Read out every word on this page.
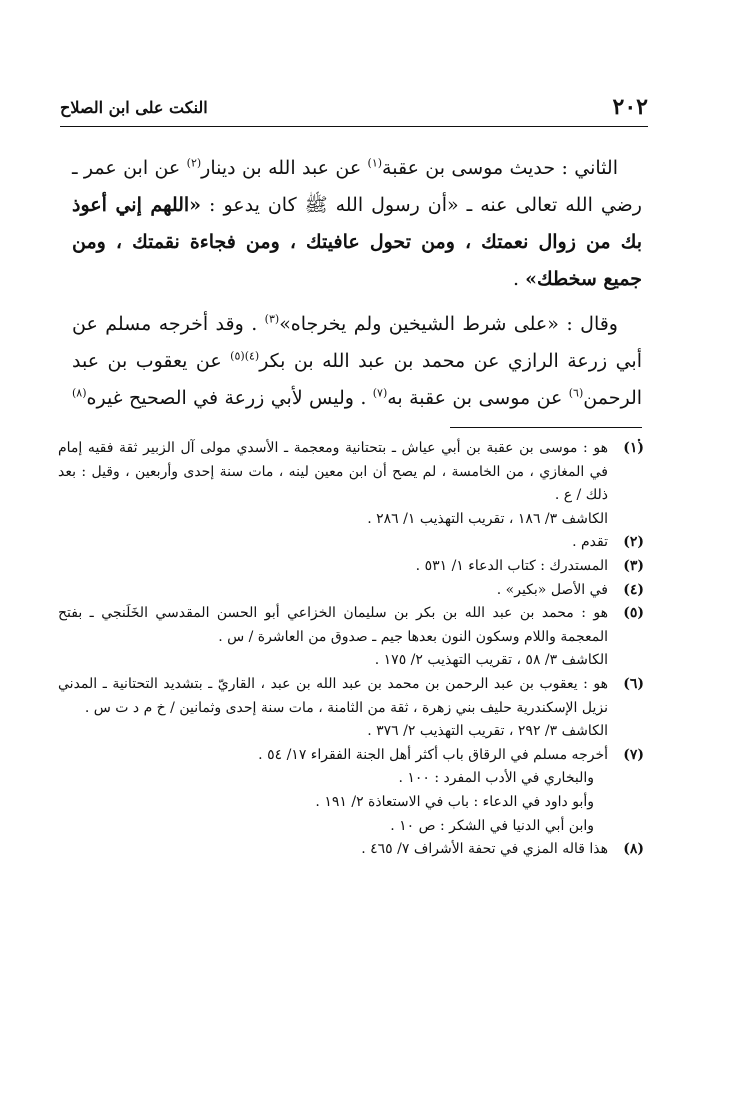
٢٠٢
النكت على ابن الصلاح

الثاني : حديث موسى بن عقبة$^{(١)}$ عن عبد الله بن دينار$^{(٢)}$ عن ابن عمر ـ رضي الله تعالى عنه ـ «أن رسول الله ﷺ كان يدعو : «اللهم إني أعوذ بك من زوال نعمتك ، ومن تحول عافيتك ، ومن فجاءة نقمتك ، ومن جميع سخطك» .

وقال : «على شرط الشيخين ولم يخرجاه»$^{(٣)}$ . وقد أخرجه مسلم عن أبي زرعة الرازي عن محمد بن عبد الله بن بكر$^{(٤)(٥)}$ عن يعقوب بن عبد الرحمن$^{(٦)}$ عن موسى بن عقبة به$^{(٧)}$ . وليس لأبي زرعة في الصحيح غيره$^{(٨)}$ .

(١)

هو : موسى بن عقبة بن أبي عياش ـ بتحتانية ومعجمة ـ الأسدي مولى آل الزبير ثقة فقيه إمام في المغازي ، من الخامسة ، لم يصح أن ابن معين لينه ، مات سنة إحدى وأربعين ، وقيل : بعد ذلك / ع .

الكاشف ٣/ ١٨٦ ، تقريب التهذيب ١/ ٢٨٦ .

(٢)

تقدم .

(٣)

المستدرك : كتاب الدعاء ١/ ٥٣١ .

(٤)

في الأصل «بكير» .

(٥)

هو : محمد بن عبد الله بن بكر بن سليمان الخزاعي أبو الحسن المقدسي الخَلَنجي ـ بفتح المعجمة واللام وسكون النون بعدها جيم ـ صدوق من العاشرة / س .

الكاشف ٣/ ٥٨ ، تقريب التهذيب ٢/ ١٧٥ .

(٦)

هو : يعقوب بن عبد الرحمن بن محمد بن عبد الله بن عبد ، القاريّ ـ بتشديد التحتانية ـ المدني نزيل الإسكندرية حليف بني زهرة ، ثقة من الثامنة ، مات سنة إحدى وثمانين / خ م د ت س .

الكاشف ٣/ ٢٩٢ ، تقريب التهذيب ٢/ ٣٧٦ .

(٧)

أخرجه مسلم في الرقاق باب أكثر أهل الجنة الفقراء ١٧/ ٥٤ .

والبخاري في الأدب المفرد : ١٠٠ .

وأبو داود في الدعاء : باب في الاستعاذة ٢/ ١٩١ .

وابن أبي الدنيا في الشكر : ص ١٠ .

(٨)

هذا قاله المزي في تحفة الأشراف ٧/ ٤٦٥ .
